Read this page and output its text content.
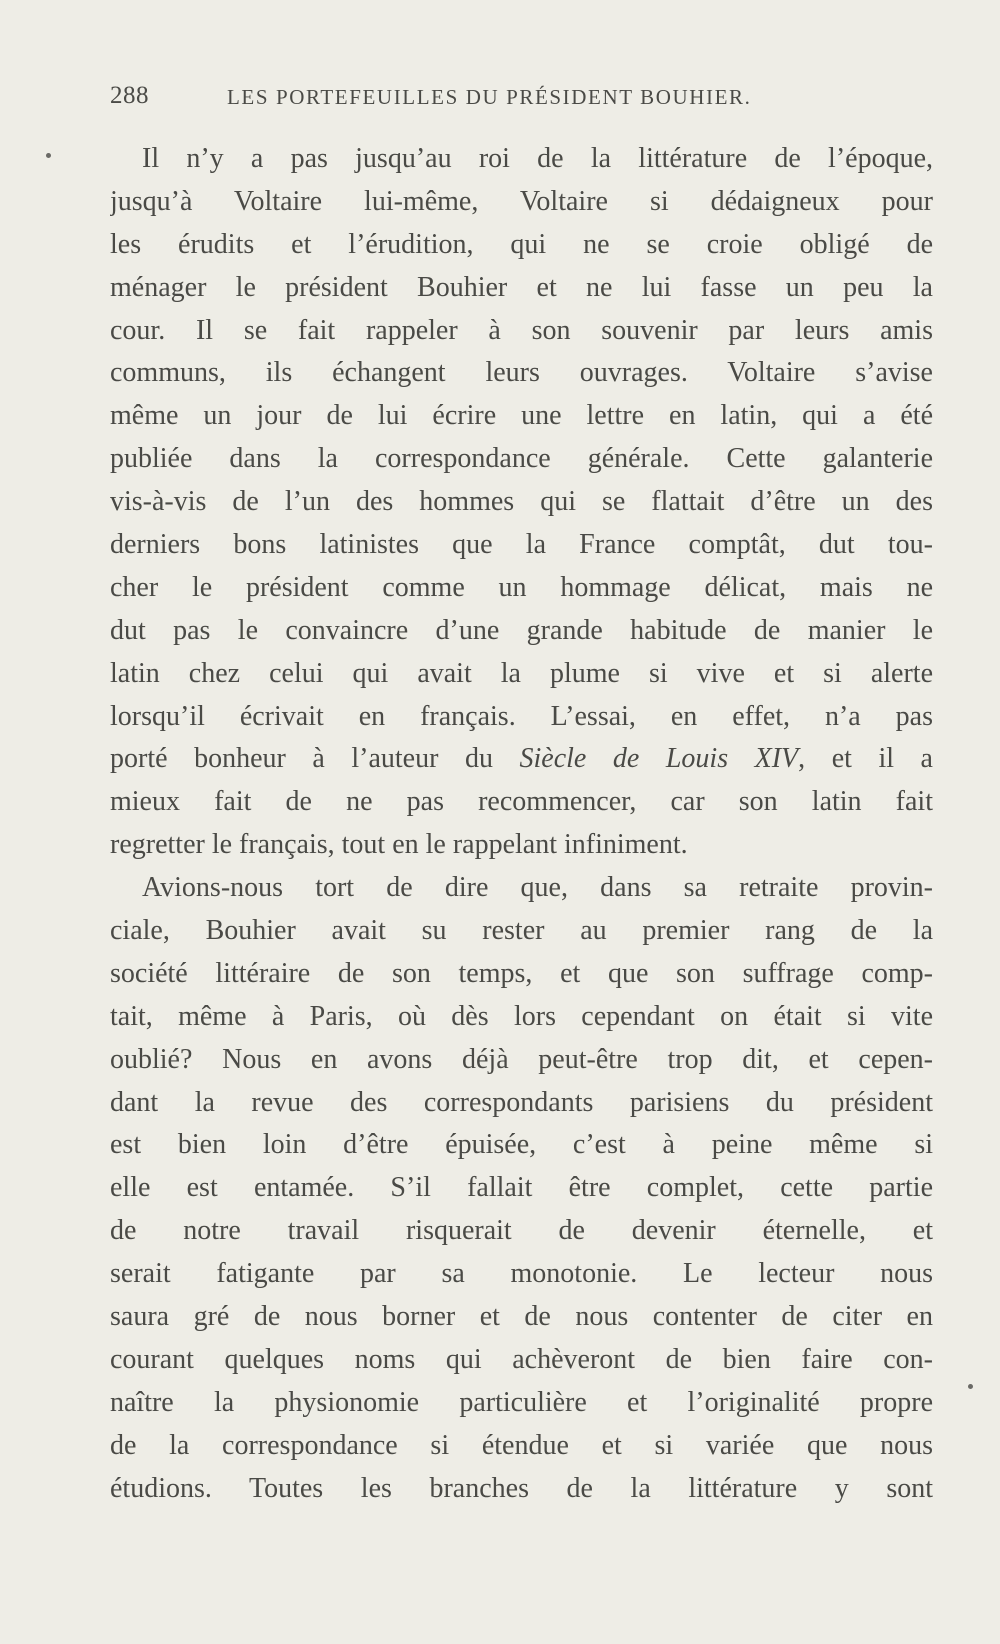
288	LES PORTEFEUILLES DU PRÉSIDENT BOUHIER.
Il n’y a pas jusqu’au roi de la littérature de l’époque,
jusqu’à Voltaire lui-même, Voltaire si dédaigneux pour
les érudits et l’érudition, qui ne se croie obligé de
ménager le président Bouhier et ne lui fasse un peu la
cour. Il se fait rappeler à son souvenir par leurs amis
communs, ils échangent leurs ouvrages. Voltaire s’avise
même un jour de lui écrire une lettre en latin, qui a été
publiée dans la correspondance générale. Cette galanterie
vis-à-vis de l’un des hommes qui se flattait d’être un des
derniers bons latinistes que la France comptât, dut tou-
cher le président comme un hommage délicat, mais ne
dut pas le convaincre d’une grande habitude de manier le
latin chez celui qui avait la plume si vive et si alerte
lorsqu’il écrivait en français. L’essai, en effet, n’a pas
porté bonheur à l’auteur du Siècle de Louis XIV, et il a
mieux fait de ne pas recommencer, car son latin fait
regretter le français, tout en le rappelant infiniment.
Avions-nous tort de dire que, dans sa retraite provin-
ciale, Bouhier avait su rester au premier rang de la
société littéraire de son temps, et que son suffrage comp-
tait, même à Paris, où dès lors cependant on était si vite
oublié? Nous en avons déjà peut-être trop dit, et cepen-
dant la revue des correspondants parisiens du président
est bien loin d’être épuisée, c’est à peine même si
elle est entamée. S’il fallait être complet, cette partie
de notre travail risquerait de devenir éternelle, et
serait fatigante par sa monotonie. Le lecteur nous
saura gré de nous borner et de nous contenter de citer en
courant quelques noms qui achèveront de bien faire con-
naître la physionomie particulière et l’originalité propre
de la correspondance si étendue et si variée que nous
étudions. Toutes les branches de la littérature y sont
